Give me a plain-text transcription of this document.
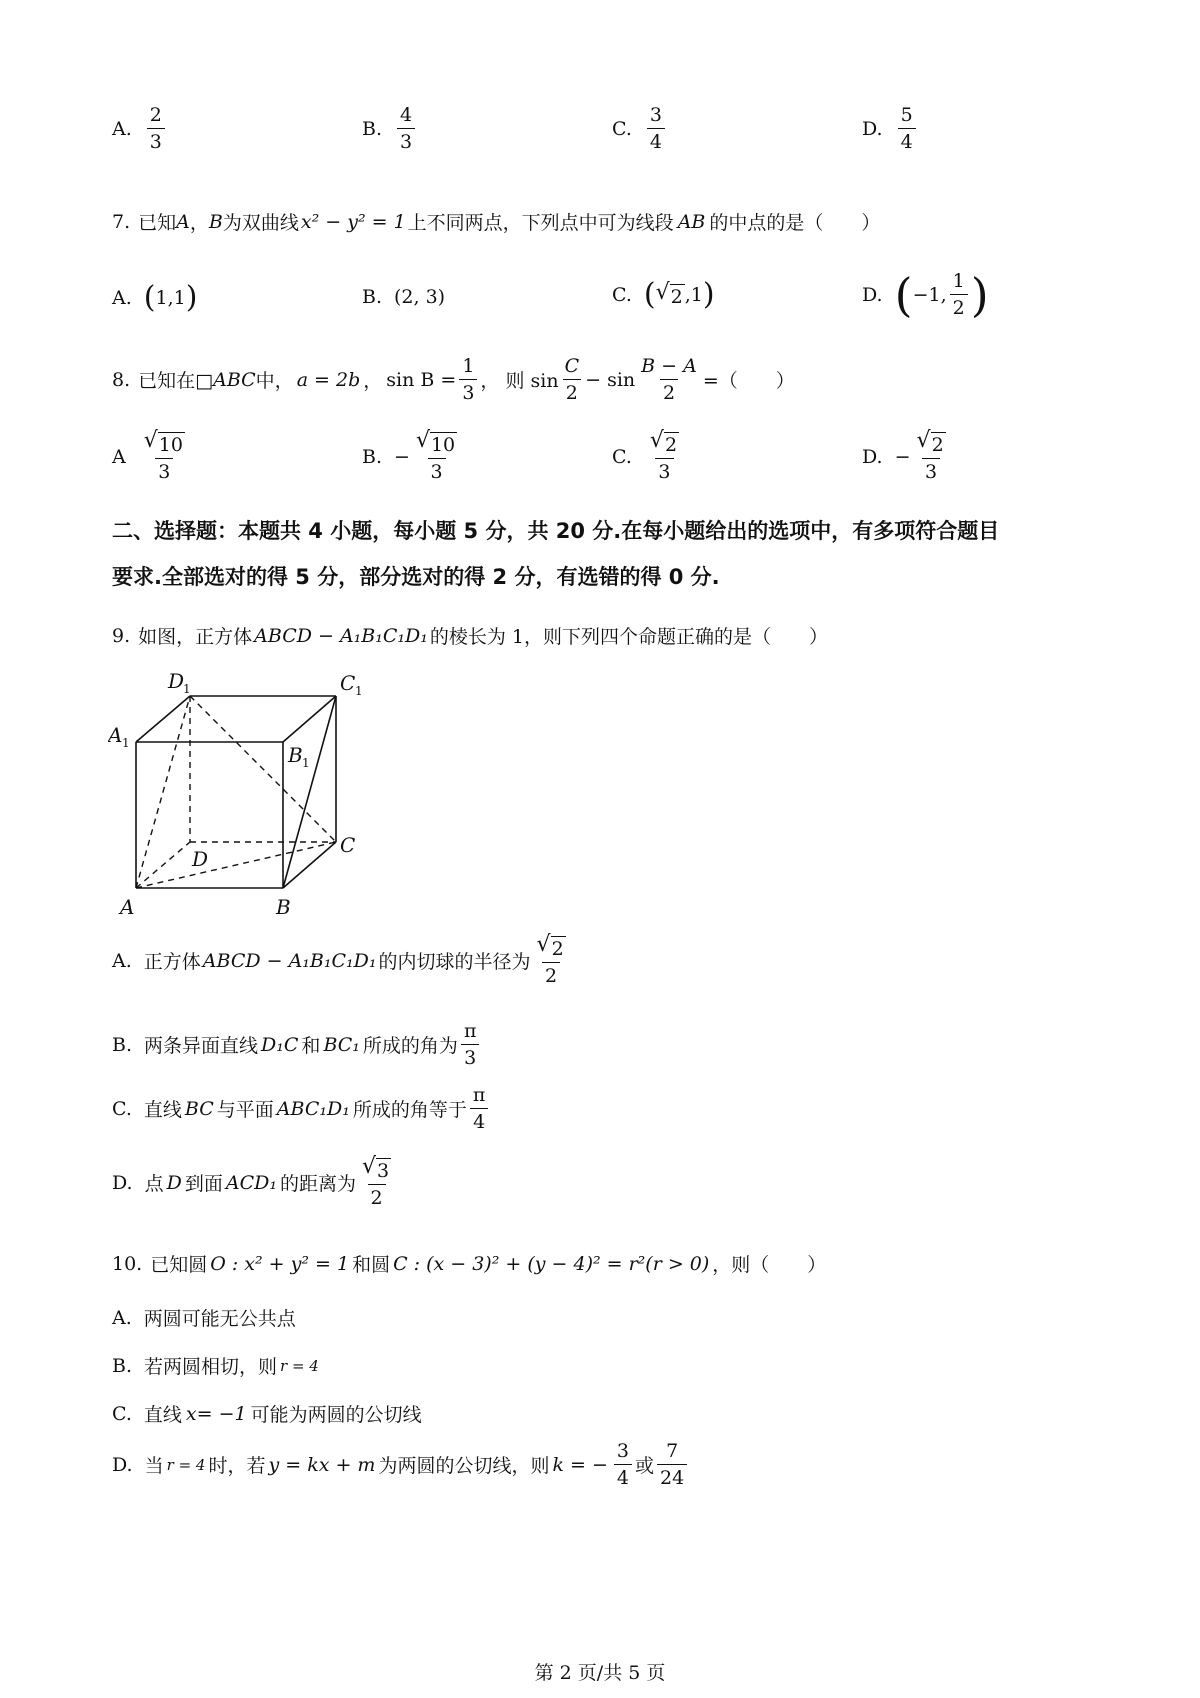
A. $\frac{2}{3}$	B. $\frac{4}{3}$	C. $\frac{3}{4}$	D. $\frac{5}{4}$
7. 已知 A ， B 为双曲线 x² − y² = 1 上不同两点，下列点中可为线段 AB 的中点的是（　　）
A. ( 1,1 )	B. (2, 3)	C. ( √ 2 ,1 )	D. ( −1, $\frac{1}{2}$ )
8. 已知在□ ABC 中， a = 2b ， $\sin B = \frac{1}{3}$ ， 则 $\sin \frac{C}{2} - \sin \frac{B - A}{2}$ =（　　）
A $\frac{√ 10}{3}$	B. − $\frac{√ 10}{3}$	C. $\frac{√ 2}{3}$	D. − $\frac{√ 2}{3}$
二、选择题：本题共 4 小题，每小题 5 分，共 20 分.在每小题给出的选项中，有多项符合题目
要求.全部选对的得 5 分，部分选对的得 2 分，有选错的得 0 分.
9. 如图，正方体 ABCD − A₁B₁C₁D₁ 的棱长为 1，则下列四个命题正确的是（　　）
D
1	C 1
A 1	B 1
D
C
A	B
A. 正方体 ABCD − A₁B₁C₁D₁ 的内切球的半径为 $\frac{√ 2}{2}$
B. 两条异面直线 D₁C 和 BC₁ 所成的角为 $\frac{\pi}{3}$
C. 直线 BC 与平面 ABC₁D₁ 所成的角等于 $\frac{\pi}{4}$
D. 点 D 到面 ACD₁ 的距离为 $\frac{√ 3}{2}$
10. 已知圆 O : x² + y² = 1 和圆 C : (x − 3)² + (y − 4)² = r²(r > 0) ，则（　　）
A. 两圆可能无公共点
B. 若两圆相切，则 r = 4
C. 直线 x= −1 可能为两圆的公切线
D. 当 r = 4 时，若 y = kx + m 为两圆的公切线，则 k = − $\frac{3}{4}$ 或 $\frac{7}{24}$
第 2 页/共 5 页
